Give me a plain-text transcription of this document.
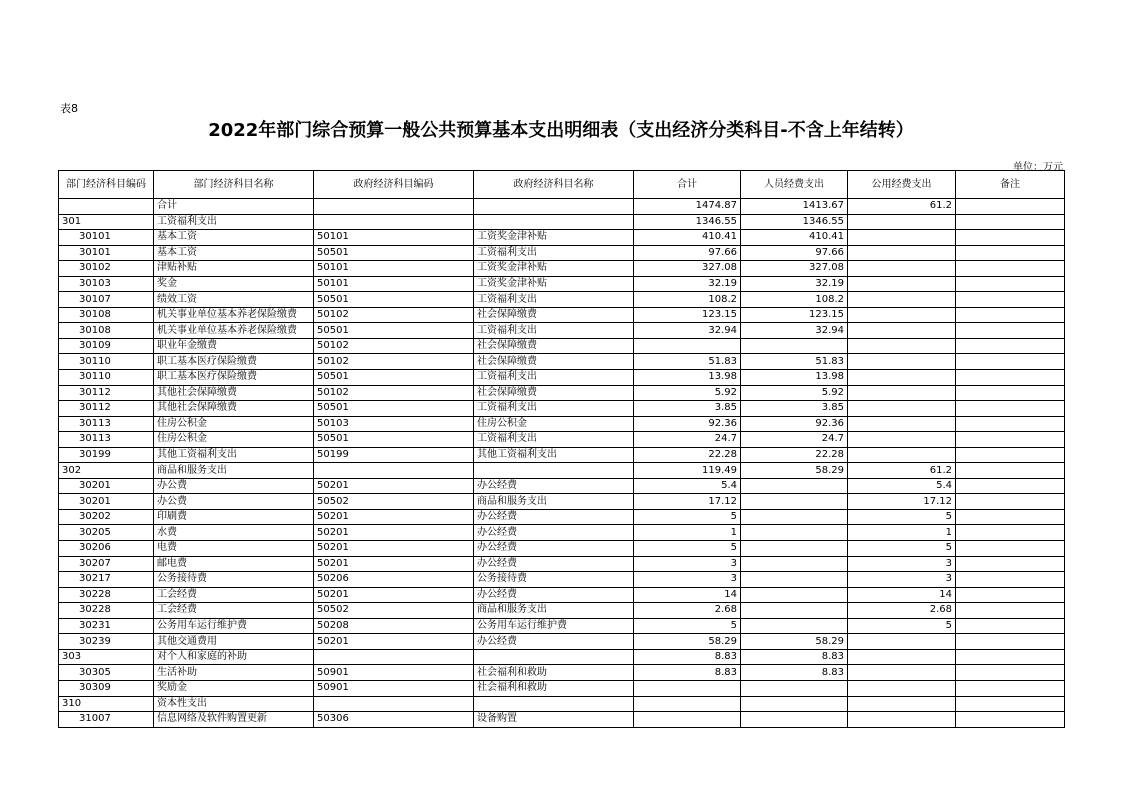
表8
2022年部门综合预算一般公共预算基本支出明细表（支出经济分类科目-不含上年结转）
单位：万元
部门经济科目编码	部门经济科目名称	政府经济科目编码	政府经济科目名称	合计	人员经费支出	公用经费支出	备注
	合计			1474.87	1413.67	61.2	
301	工资福利支出			1346.55	1346.55		
30101	基本工资	50101	工资奖金津补贴	410.41	410.41		
30101	基本工资	50501	工资福利支出	97.66	97.66		
30102	津贴补贴	50101	工资奖金津补贴	327.08	327.08		
30103	奖金	50101	工资奖金津补贴	32.19	32.19		
30107	绩效工资	50501	工资福利支出	108.2	108.2		
30108	机关事业单位基本养老保险缴费	50102	社会保障缴费	123.15	123.15		
30108	机关事业单位基本养老保险缴费	50501	工资福利支出	32.94	32.94		
30109	职业年金缴费	50102	社会保障缴费				
30110	职工基本医疗保险缴费	50102	社会保障缴费	51.83	51.83		
30110	职工基本医疗保险缴费	50501	工资福利支出	13.98	13.98		
30112	其他社会保障缴费	50102	社会保障缴费	5.92	5.92		
30112	其他社会保障缴费	50501	工资福利支出	3.85	3.85		
30113	住房公积金	50103	住房公积金	92.36	92.36		
30113	住房公积金	50501	工资福利支出	24.7	24.7		
30199	其他工资福利支出	50199	其他工资福利支出	22.28	22.28		
302	商品和服务支出			119.49	58.29	61.2	
30201	办公费	50201	办公经费	5.4		5.4	
30201	办公费	50502	商品和服务支出	17.12		17.12	
30202	印刷费	50201	办公经费	5		5	
30205	水费	50201	办公经费	1		1	
30206	电费	50201	办公经费	5		5	
30207	邮电费	50201	办公经费	3		3	
30217	公务接待费	50206	公务接待费	3		3	
30228	工会经费	50201	办公经费	14		14	
30228	工会经费	50502	商品和服务支出	2.68		2.68	
30231	公务用车运行维护费	50208	公务用车运行维护费	5		5	
30239	其他交通费用	50201	办公经费	58.29	58.29		
303	对个人和家庭的补助			8.83	8.83		
30305	生活补助	50901	社会福利和救助	8.83	8.83		
30309	奖励金	50901	社会福利和救助				
310	资本性支出						
31007	信息网络及软件购置更新	50306	设备购置				
